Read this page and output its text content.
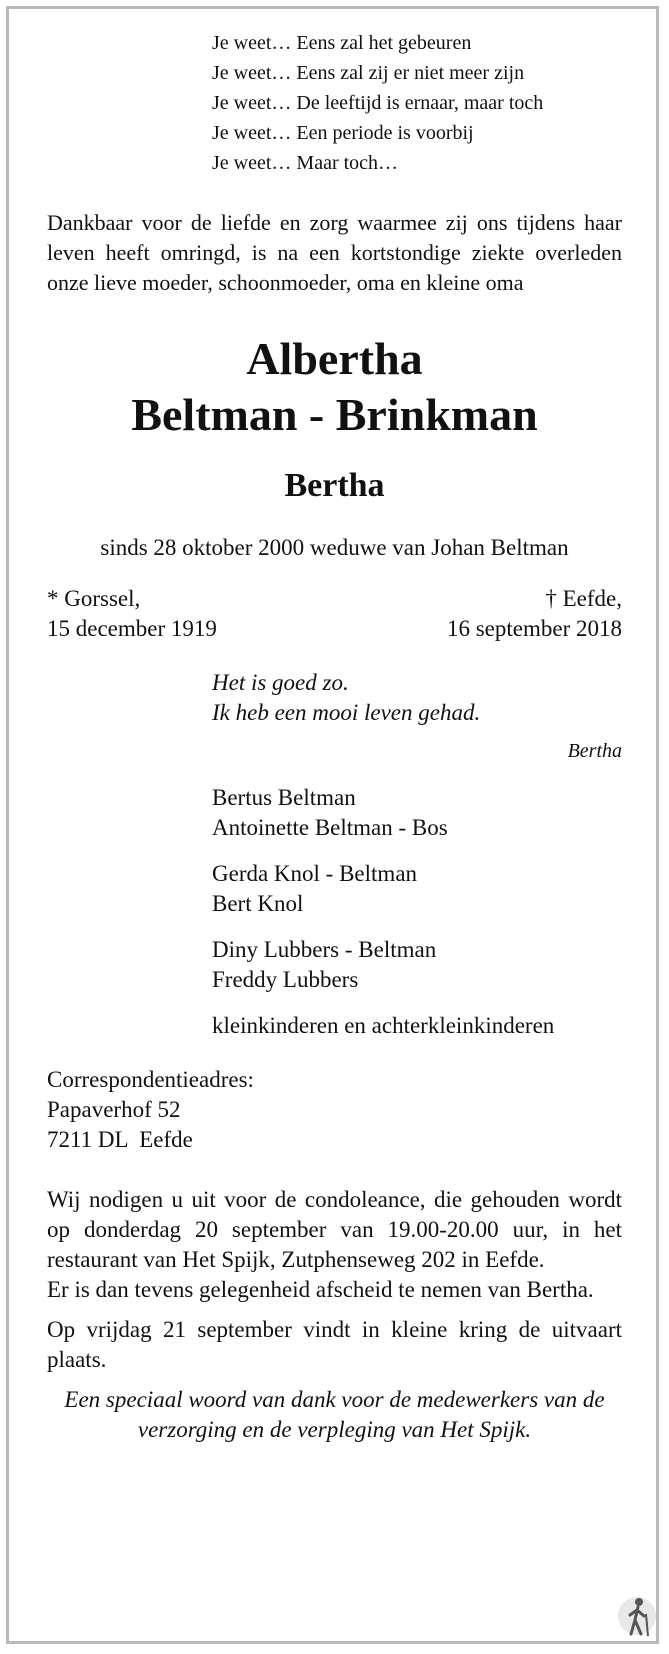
Je weet… Eens zal het gebeuren
Je weet… Eens zal zij er niet meer zijn
Je weet… De leeftijd is ernaar, maar toch
Je weet… Een periode is voorbij
Je weet… Maar toch…
Dankbaar voor de liefde en zorg waarmee zij ons tijdens haar leven heeft omringd, is na een kortstondige ziekte overleden onze lieve moeder, schoonmoeder, oma en kleine oma
Albertha
Beltman - Brinkman
Bertha
sinds 28 oktober 2000 weduwe van Johan Beltman
* Gorssel,
15 december 1919
† Eefde,
16 september 2018
Het is goed zo.
Ik heb een mooi leven gehad.
Bertha
Bertus Beltman
Antoinette Beltman - Bos
Gerda Knol - Beltman
Bert Knol
Diny Lubbers - Beltman
Freddy Lubbers
kleinkinderen en achterkleinkinderen
Correspondentieadres:
Papaverhof 52
7211 DL  Eefde
Wij nodigen u uit voor de condoleance, die gehouden wordt op donderdag 20 september van 19.00-20.00 uur, in het restaurant van Het Spijk, Zutphenseweg 202 in Eefde.
Er is dan tevens gelegenheid afscheid te nemen van Bertha.
Op vrijdag 21 september vindt in kleine kring de uitvaart plaats.
Een speciaal woord van dank voor de medewerkers van de verzorging en de verpleging van Het Spijk.
